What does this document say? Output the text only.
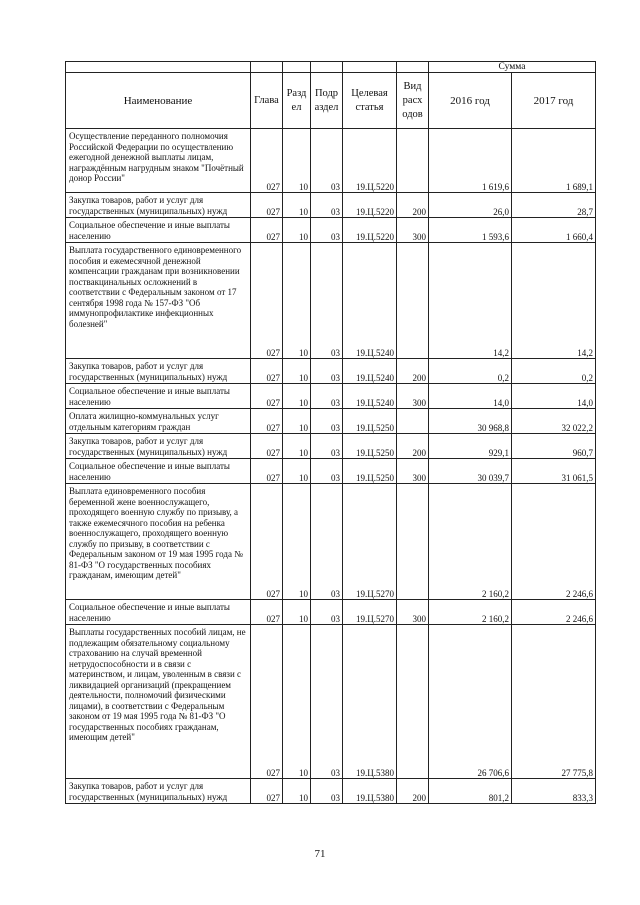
						Сумма	
Наименование	Глава	Разд ел	Подр аздел	Целевая статья	Вид расх одов	2016 год	2017 год
Осуществление переданного полномочия Российской Федерации по осуществлению ежегодной денежной выплаты лицам, награждённым нагрудным знаком "Почётный донор России"	027	10	03	19.Ц.5220		1 619,6	1 689,1
Закупка товаров, работ и услуг для государственных (муниципальных) нужд	027	10	03	19.Ц.5220	200	26,0	28,7
Социальное обеспечение и иные выплаты населению	027	10	03	19.Ц.5220	300	1 593,6	1 660,4
Выплата государственного единовременного пособия и ежемесячной денежной компенсации гражданам при возникновении поствакцинальных осложнений в соответствии с Федеральным законом от 17 сентября 1998 года № 157-ФЗ "Об иммунопрофилактике инфекционных болезней"	027	10	03	19.Ц.5240		14,2	14,2
Закупка товаров, работ и услуг для государственных (муниципальных) нужд	027	10	03	19.Ц.5240	200	0,2	0,2
Социальное обеспечение и иные выплаты населению	027	10	03	19.Ц.5240	300	14,0	14,0
Оплата жилищно-коммунальных услуг отдельным категориям граждан	027	10	03	19.Ц.5250		30 968,8	32 022,2
Закупка товаров, работ и услуг для государственных (муниципальных) нужд	027	10	03	19.Ц.5250	200	929,1	960,7
Социальное обеспечение и иные выплаты населению	027	10	03	19.Ц.5250	300	30 039,7	31 061,5
Выплата единовременного пособия беременной жене военнослужащего, проходящего военную службу по призыву, а также ежемесячного пособия на ребенка военнослужащего, проходящего военную службу по призыву, в соответствии с Федеральным законом от 19 мая 1995 года № 81-ФЗ "О государственных пособиях гражданам, имеющим детей"	027	10	03	19.Ц.5270		2 160,2	2 246,6
Социальное обеспечение и иные выплаты населению	027	10	03	19.Ц.5270	300	2 160,2	2 246,6
Выплаты государственных пособий лицам, не подлежащим обязательному социальному страхованию на случай временной нетрудоспособности и в связи с материнством, и лицам, уволенным в связи с ликвидацией организаций (прекращением деятельности, полномочий физическими лицами), в соответствии с Федеральным законом от 19 мая 1995 года № 81-ФЗ "О государственных пособиях гражданам, имеющим детей"	027	10	03	19.Ц.5380		26 706,6	27 775,8
Закупка товаров, работ и услуг для государственных (муниципальных) нужд	027	10	03	19.Ц.5380	200	801,2	833,3
71
